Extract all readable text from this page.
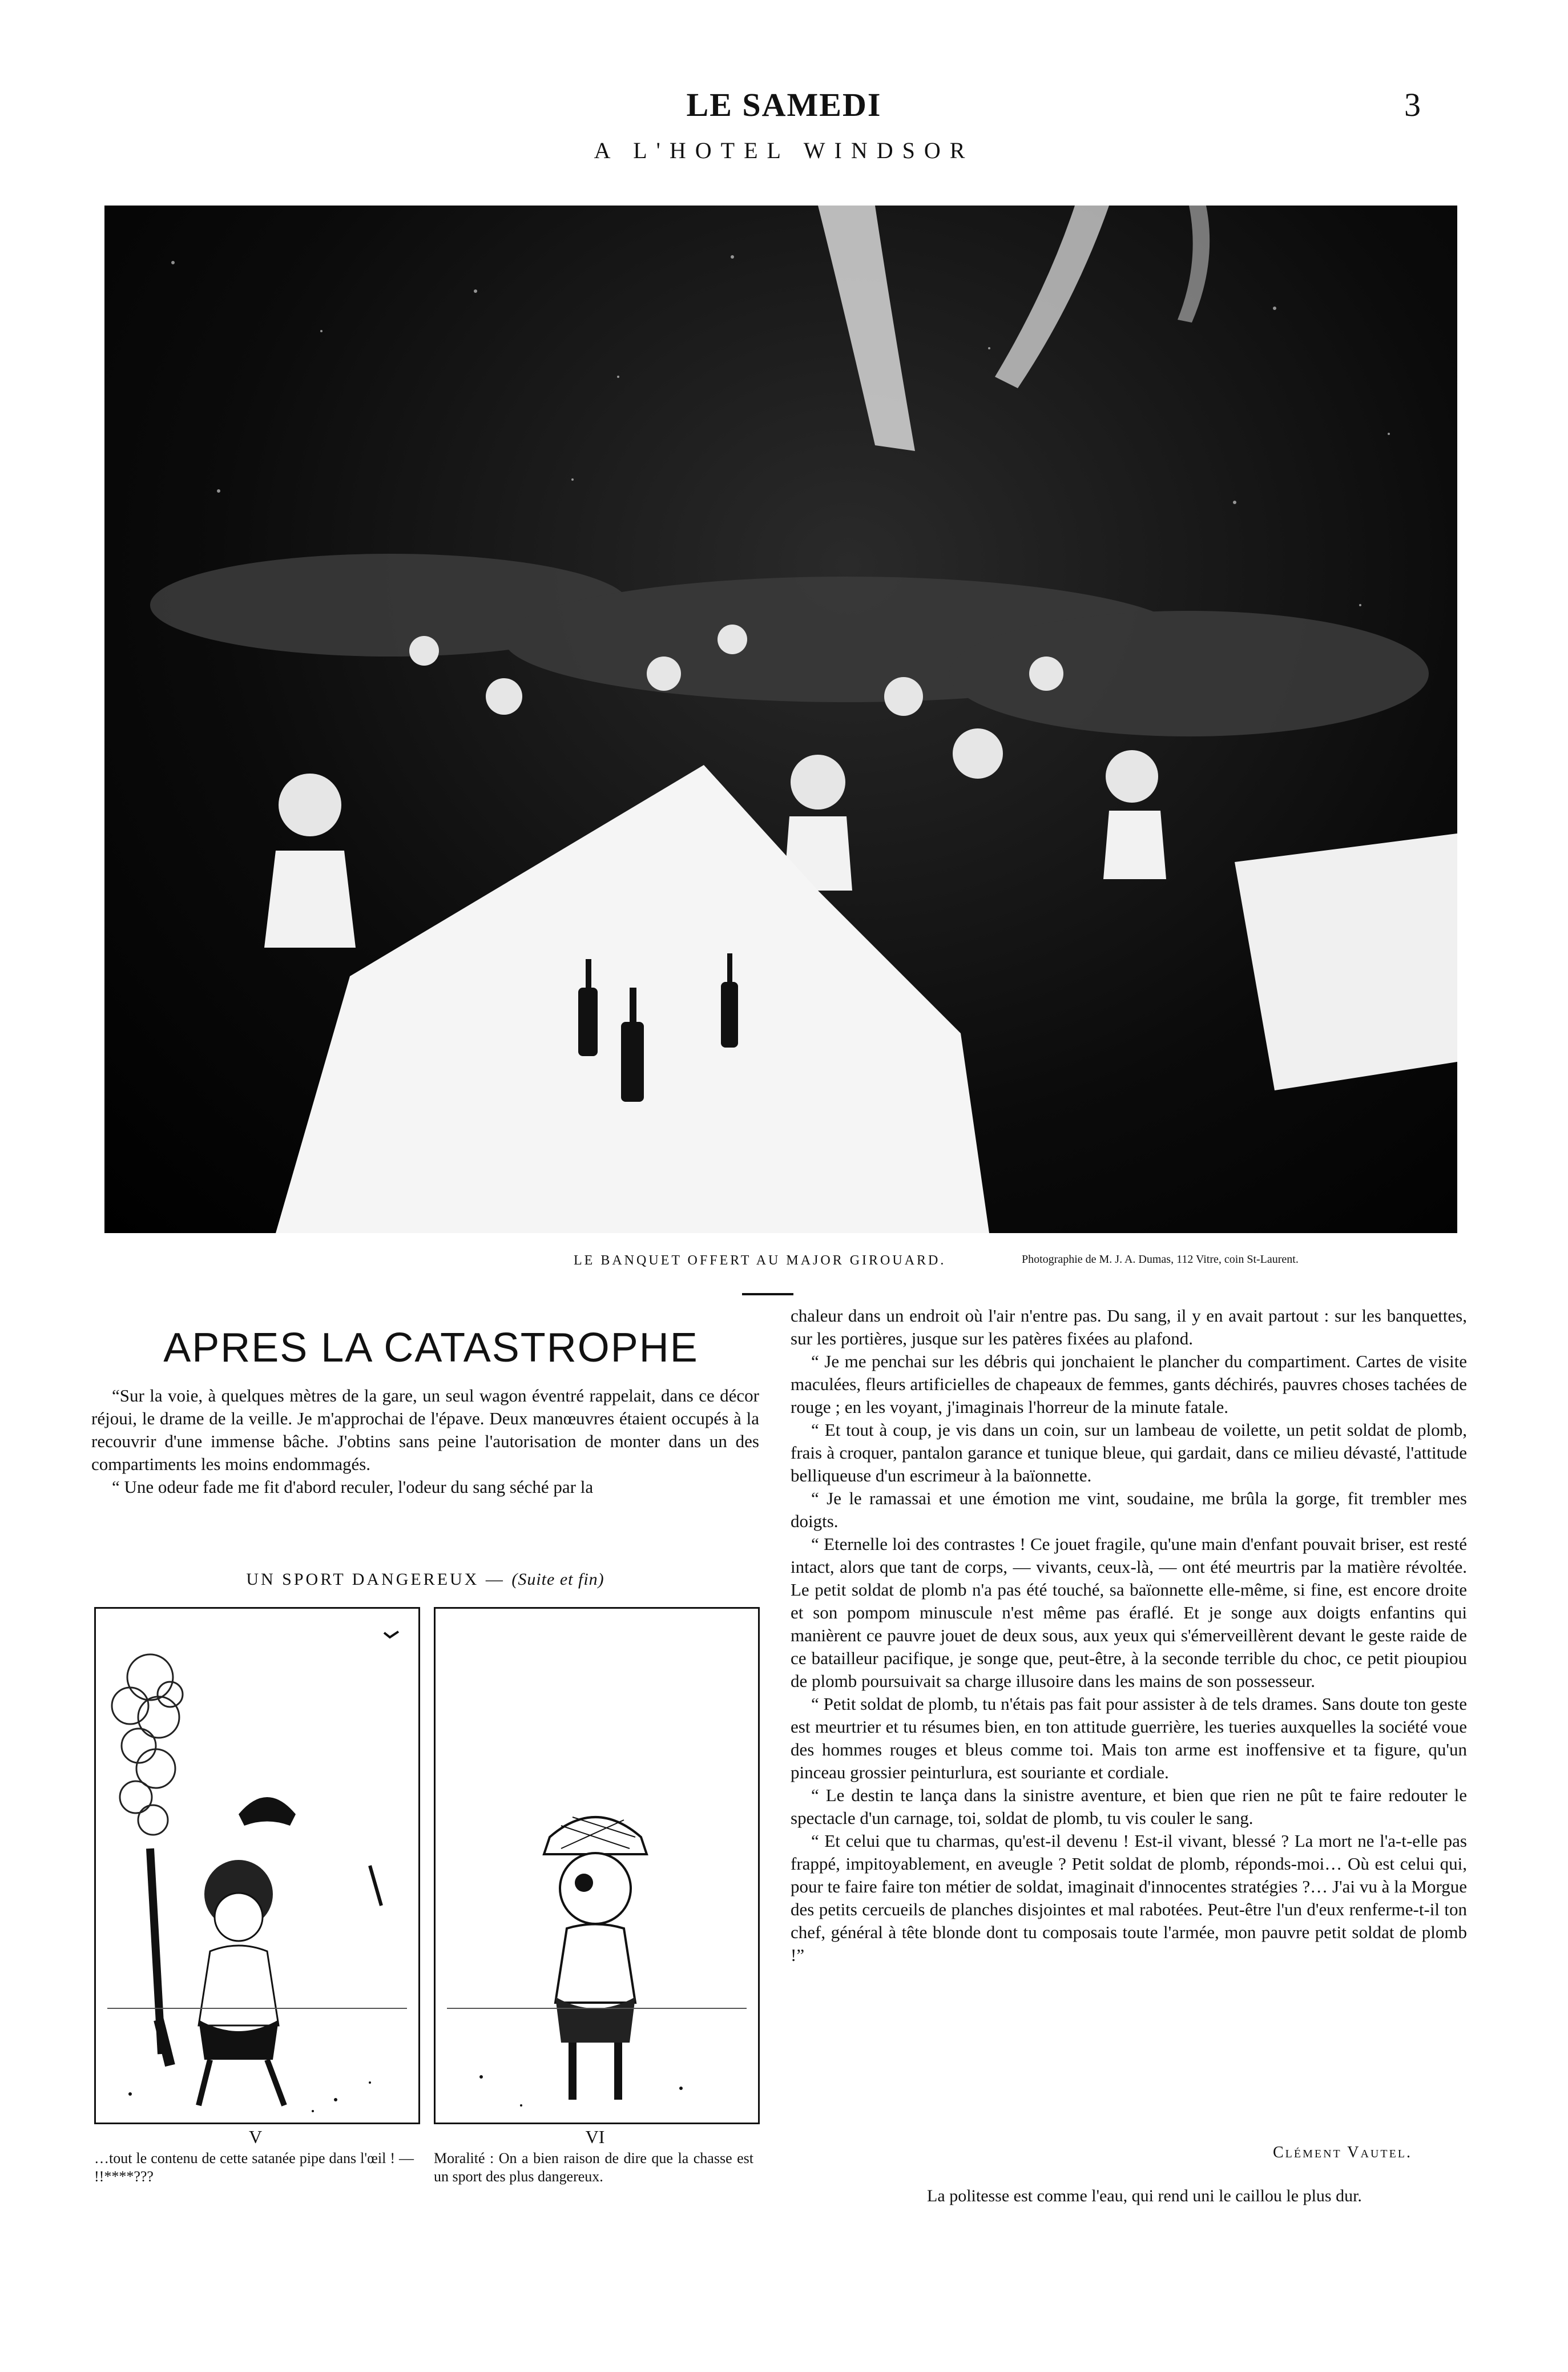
LE SAMEDI	3
A L'HOTEL WINDSOR
LE BANQUET OFFERT AU MAJOR GIROUARD.	Photographie de M. J. A. Dumas, 112 Vitre, coin St-Laurent.
APRES LA CATASTROPHE

“Sur la voie, à quelques mètres de la gare, un seul wagon éventré rappelait, dans ce décor réjoui, le drame de la veille. Je m'approchai de l'épave. Deux manœuvres étaient occupés à la recouvrir d'une immense bâche. J'obtins sans peine l'autorisation de monter dans un des compartiments les moins endommagés.

“ Une odeur fade me fit d'abord reculer, l'odeur du sang séché par la

chaleur dans un endroit où l'air n'entre pas. Du sang, il y en avait partout : sur les banquettes, sur les portières, jusque sur les patères fixées au plafond.

“ Je me penchai sur les débris qui jonchaient le plancher du compartiment. Cartes de visite maculées, fleurs artificielles de chapeaux de femmes, gants déchirés, pauvres choses tachées de rouge ; en les voyant, j'imaginais l'horreur de la minute fatale.

“ Et tout à coup, je vis dans un coin, sur un lambeau de voilette, un petit soldat de plomb, frais à croquer, pantalon garance et tunique bleue, qui gardait, dans ce milieu dévasté, l'attitude belliqueuse d'un escrimeur à la baïonnette.

“ Je le ramassai et une émotion me vint, soudaine, me brûla la gorge, fit trembler mes doigts.

“ Eternelle loi des contrastes ! Ce jouet fragile, qu'une main d'enfant pouvait briser, est resté intact, alors que tant de corps, — vivants, ceux-là, — ont été meurtris par la matière révoltée. Le petit soldat de plomb n'a pas été touché, sa baïonnette elle-même, si fine, est encore droite et son pompom minuscule n'est même pas éraflé. Et je songe aux doigts enfantins qui manièrent ce pauvre jouet de deux sous, aux yeux qui s'émerveillèrent devant le geste raide de ce batailleur pacifique, je songe que, peut-être, à la seconde terrible du choc, ce petit pioupiou de plomb poursuivait sa charge illusoire dans les mains de son possesseur.

“ Petit soldat de plomb, tu n'étais pas fait pour assister à de tels drames. Sans doute ton geste est meurtrier et tu résumes bien, en ton attitude guerrière, les tueries auxquelles la société voue des hommes rouges et bleus comme toi. Mais ton arme est inoffensive et ta figure, qu'un pinceau grossier peinturlura, est souriante et cordiale.

“ Le destin te lança dans la sinistre aventure, et bien que rien ne pût te faire redouter le spectacle d'un carnage, toi, soldat de plomb, tu vis couler le sang.

“ Et celui que tu charmas, qu'est-il devenu ! Est-il vivant, blessé ? La mort ne l'a-t-elle pas frappé, impitoyablement, en aveugle ? Petit soldat de plomb, réponds-moi… Où est celui qui, pour te faire faire ton métier de soldat, imaginait d'innocentes stratégies ?… J'ai vu à la Morgue des petits cercueils de planches disjointes et mal rabotées. Peut-être l'un d'eux renferme-t-il ton chef, général à tête blonde dont tu composais toute l'armée, mon pauvre petit soldat de plomb !”

Clément Vautel.
UN SPORT DANGEREUX — (Suite et fin)
V	VI
…tout le contenu de cette satanée pipe dans l'œil ! — !!****???
Moralité : On a bien raison de dire que la chasse est un sport des plus dangereux.
La politesse est comme l'eau, qui rend uni le caillou le plus dur.
